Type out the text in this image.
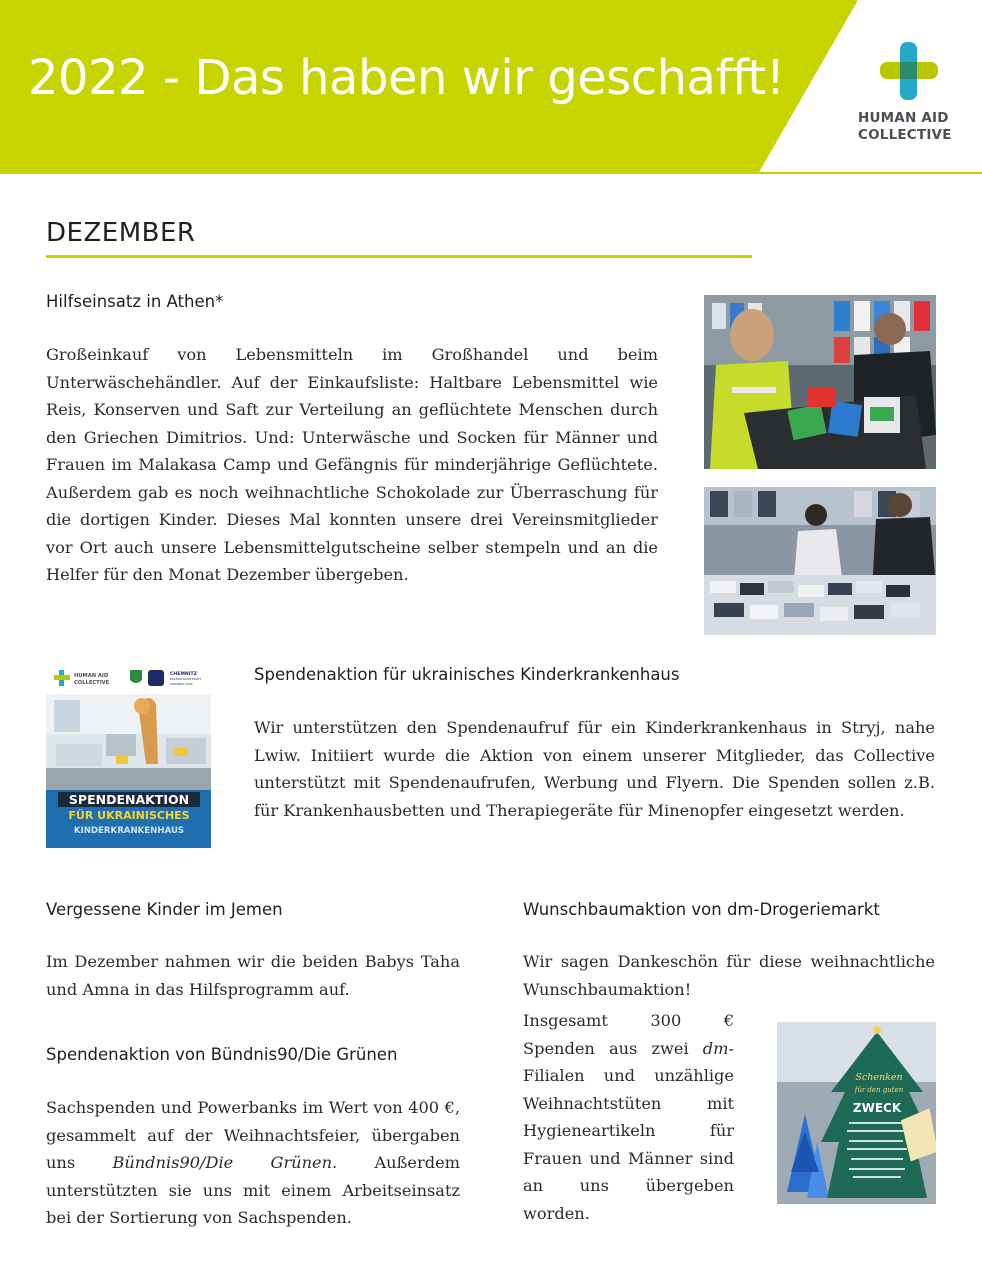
2022 - Das haben wir geschafft!
HUMAN AID
COLLECTIVE
DEZEMBER
Hilfseinsatz in Athen*

Großeinkauf von Lebensmitteln im Großhandel und beim Unterwäschehändler. Auf der Einkaufsliste: Haltbare Lebensmittel wie Reis, Konserven und Saft zur Verteilung an geflüchtete Menschen durch den Griechen Dimitrios. Und: Unterwäsche und Socken für Männer und Frauen im Malakasa Camp und Gefängnis für minderjährige Geflüchtete. Außerdem gab es noch weihnachtliche Schokolade zur Überraschung für die dortigen Kinder. Dieses Mal konnten unsere drei Vereinsmitglieder vor Ort auch unsere Lebensmittelgutscheine selber stempeln und an die Helfer für den Monat Dezember übergeben.

HUMAN AID
COLLECTIVE
CHEMNITZ
KULTURHAUPTSTADT
EUROPAS 2025
SPENDENAKTION
FÜR UKRAINISCHES
KINDERKRANKENHAUS
Spendenaktion für ukrainisches Kinderkrankenhaus

Wir unterstützen den Spendenaufruf für ein Kinderkrankenhaus in Stryj, nahe Lwiw. Initiiert wurde die Aktion von einem unserer Mitglieder, das Collective unterstützt mit Spendenaufrufen, Werbung und Flyern. Die Spenden sollen z.B. für Krankenhausbetten und Therapiegeräte für Minenopfer eingesetzt werden.

Vergessene Kinder im Jemen

Im Dezember nahmen wir die beiden Babys Taha und Amna in das Hilfsprogramm auf.

Spendenaktion von Bündnis90/Die Grünen

Sachspenden und Powerbanks im Wert von 400 €, gesammelt auf der Weihnachtsfeier, übergaben uns Bündnis90/Die Grünen. Außerdem unterstützten sie uns mit einem Arbeitseinsatz bei der Sortierung von Sachspenden.

Wunschbaumaktion von dm-Drogeriemarkt

Wir sagen Dankeschön für diese weihnachtliche Wunschbaumaktion!

Insgesamt 300 € Spenden aus zwei dm-Filialen und unzählige Weihnachtstüten mit Hygieneartikeln für Frauen und Männer sind an uns übergeben worden.

Schenken
für den guten
ZWECK
